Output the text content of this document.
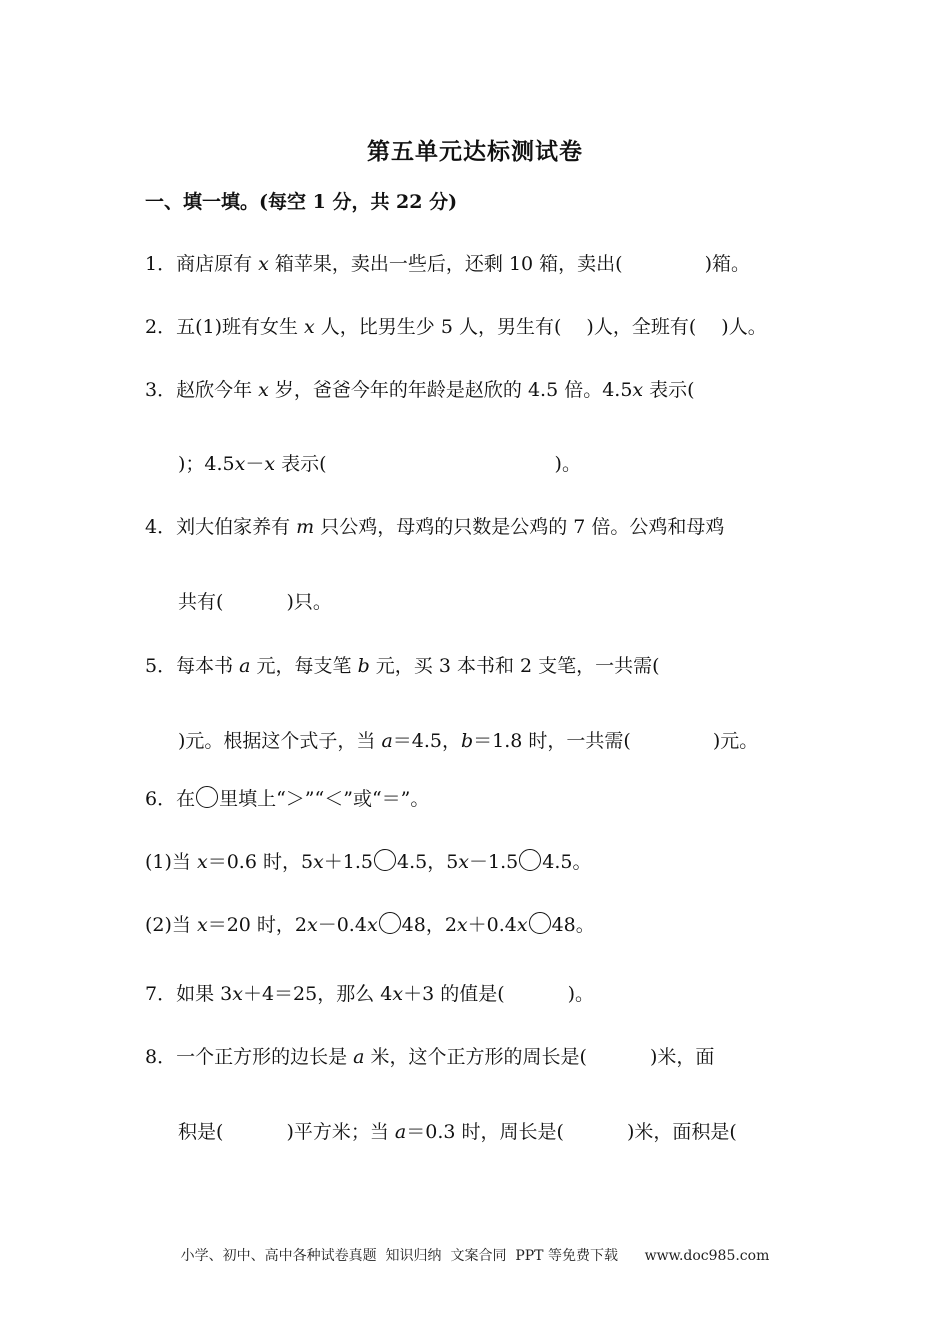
第五单元达标测试卷
一、填一填。(每空 1 分，共 22 分)
1．商店原有 x 箱苹果，卖出一些后，还剩 10 箱，卖出(　　　　 )箱。
2．五(1)班有女生 x 人，比男生少 5 人，男生有(　 )人，全班有(　 )人。
3．赵欣今年 x 岁，爸爸今年的年龄是赵欣的 4.5 倍。4.5x 表示(
)；4.5x－x 表示(　　　　　　　　　　　　)。
4．刘大伯家养有 m 只公鸡，母鸡的只数是公鸡的 7 倍。公鸡和母鸡
共有(　　　 )只。
5．每本书 a 元，每支笔 b 元，买 3 本书和 2 支笔，一共需(
)元。根据这个式子，当 a＝4.5，b＝1.8 时，一共需(　　　　 )元。
6．在 里填上“＞”“＜”或“＝”。
(1)当 x＝0.6 时，5x＋1.5 4.5，5x－1.5 4.5。
(2)当 x＝20 时，2x－0.4x 48，2x＋0.4x 48。
7．如果 3x＋4＝25，那么 4x＋3 的值是(　　　 )。
8．一个正方形的边长是 a 米，这个正方形的周长是(　　　 )米，面
积是(　　　 )平方米；当 a＝0.3 时，周长是(　　　 )米，面积是(
小学、初中、高中各种试卷真题  知识归纳  文案合同  PPT 等免费下载      www.doc985.com
